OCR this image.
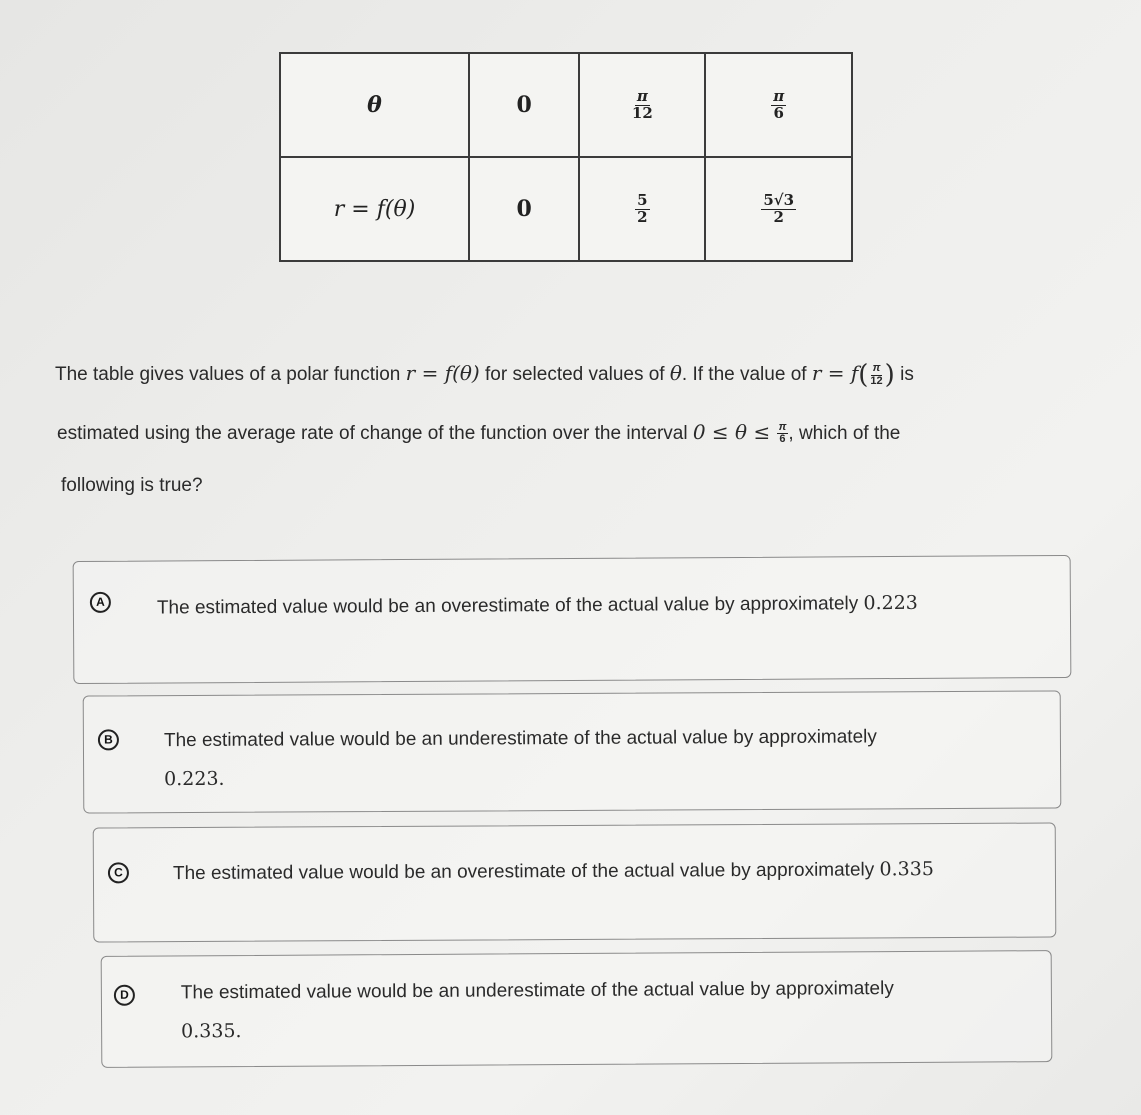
θ	0	$\frac{\pi}{12}$	$\frac{\pi}{6}$

r = f(θ)	0	$\frac{5}{2}$	$\frac{5√3}{2}$
The table gives values of a polar function r = f(θ) for selected values of θ. If the value of $r = f( \frac{\pi}{12}$ ) is
estimated using the average rate of change of the function over the interval $0 \le \theta \le \frac{\pi}{6}$ , which of the
following is true?
A	The estimated value would be an overestimate of the actual value by approximately 0.223
B	The estimated value would be an underestimate of the actual value by approximately
0.223.
C	The estimated value would be an overestimate of the actual value by approximately 0.335
D	The estimated value would be an underestimate of the actual value by approximately
0.335.
